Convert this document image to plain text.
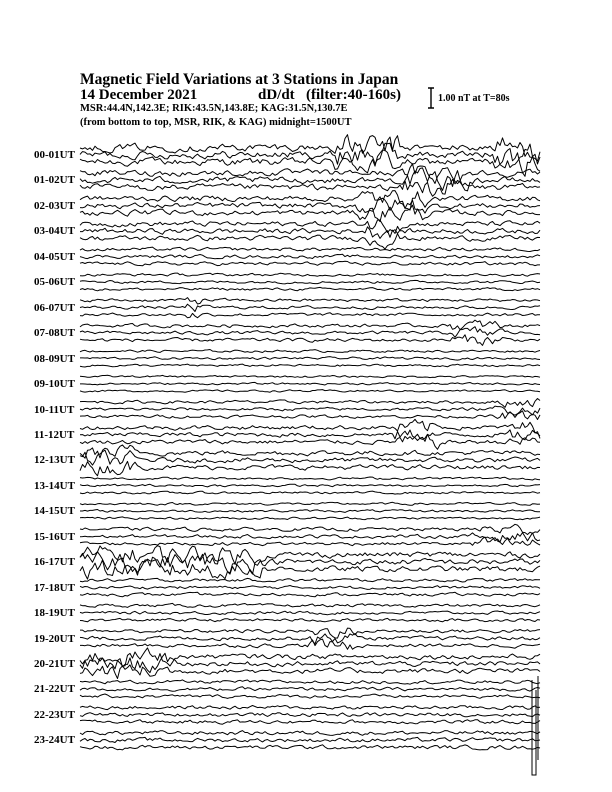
Magnetic Field Variations at 3 Stations in Japan
14 December 2021	dD/dt (filter:40-160s)
MSR:44.4N,142.3E; RIK:43.5N,143.8E; KAG:31.5N,130.7E
(from bottom to top, MSR, RIK, & KAG) midnight=1500UT
1.00 nT at T=80s
00-01UT
01-02UT
02-03UT
03-04UT
04-05UT
05-06UT
06-07UT
07-08UT
08-09UT
09-10UT
10-11UT
11-12UT
12-13UT
13-14UT
14-15UT
15-16UT
16-17UT
17-18UT
18-19UT
19-20UT
20-21UT
21-22UT
22-23UT
23-24UT
